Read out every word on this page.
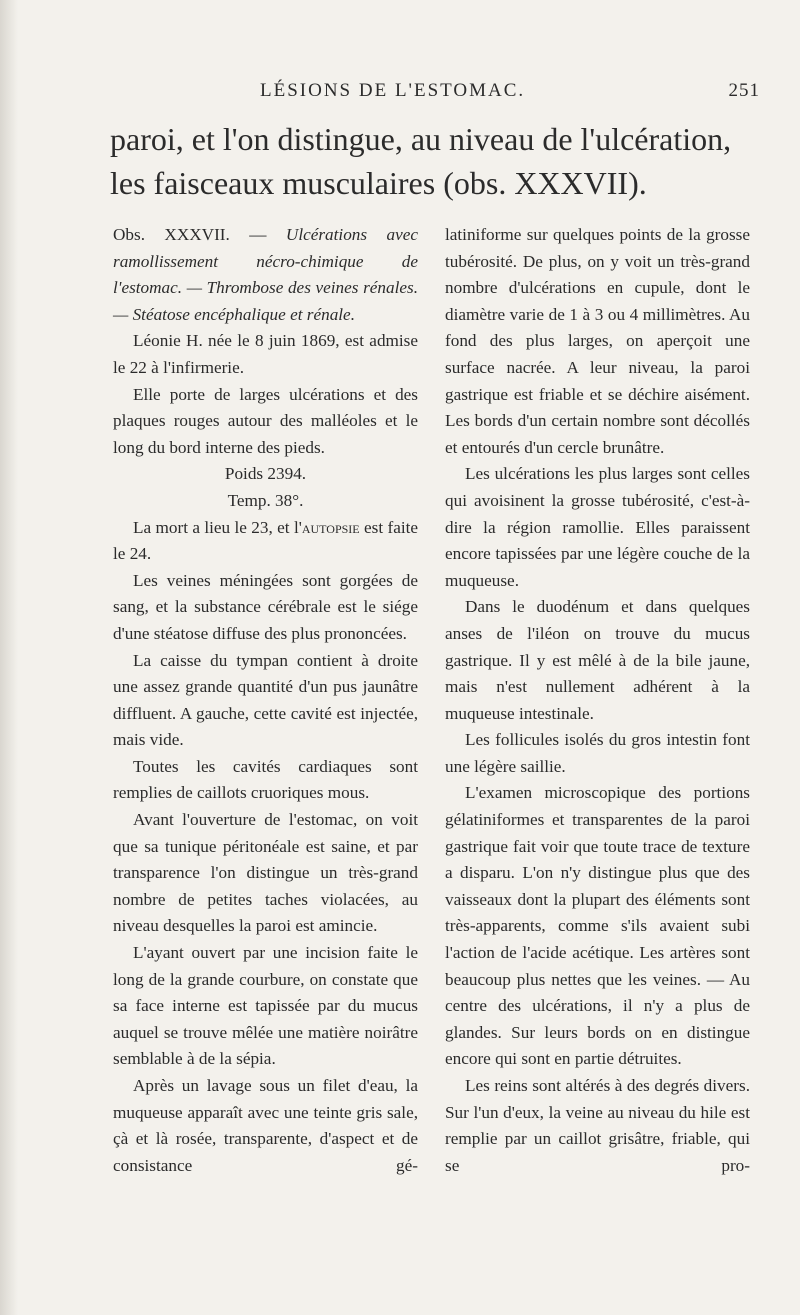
LÉSIONS DE L'ESTOMAC.	251
paroi, et l'on distingue, au niveau de l'ulcération, les faisceaux musculaires (obs. XXXVII).

Obs. XXXVII. — Ulcérations avec ramollissement nécro-chimique de l'estomac. — Thrombose des veines rénales. — Stéatose encéphalique et rénale.

Léonie H. née le 8 juin 1869, est admise le 22 à l'infirmerie.

Elle porte de larges ulcérations et des plaques rouges autour des malléoles et le long du bord interne des pieds.

Poids 2394.

Temp. 38°.

La mort a lieu le 23, et l'autopsie est faite le 24.

Les veines méningées sont gorgées de sang, et la substance cérébrale est le siége d'une stéatose diffuse des plus prononcées.

La caisse du tympan contient à droite une assez grande quantité d'un pus jaunâtre diffluent. A gauche, cette cavité est injectée, mais vide.

Toutes les cavités cardiaques sont remplies de caillots cruoriques mous.

Avant l'ouverture de l'estomac, on voit que sa tunique péritonéale est saine, et par transparence l'on distingue un très-grand nombre de petites taches violacées, au niveau desquelles la paroi est amincie.

L'ayant ouvert par une incision faite le long de la grande courbure, on constate que sa face interne est tapissée par du mucus auquel se trouve mêlée une matière noirâtre semblable à de la sépia.

Après un lavage sous un filet d'eau, la muqueuse apparaît avec une teinte gris sale, çà et là rosée, transparente, d'aspect et de consistance gé-

latiniforme sur quelques points de la grosse tubérosité. De plus, on y voit un très-grand nombre d'ulcérations en cupule, dont le diamètre varie de 1 à 3 ou 4 millimètres. Au fond des plus larges, on aperçoit une surface nacrée. A leur niveau, la paroi gastrique est friable et se déchire aisément. Les bords d'un certain nombre sont décollés et entourés d'un cercle brunâtre.

Les ulcérations les plus larges sont celles qui avoisinent la grosse tubérosité, c'est-à-dire la région ramollie. Elles paraissent encore tapissées par une légère couche de la muqueuse.

Dans le duodénum et dans quelques anses de l'iléon on trouve du mucus gastrique. Il y est mêlé à de la bile jaune, mais n'est nullement adhérent à la muqueuse intestinale.

Les follicules isolés du gros intestin font une légère saillie.

L'examen microscopique des portions gélatiniformes et transparentes de la paroi gastrique fait voir que toute trace de texture a disparu. L'on n'y distingue plus que des vaisseaux dont la plupart des éléments sont très-apparents, comme s'ils avaient subi l'action de l'acide acétique. Les artères sont beaucoup plus nettes que les veines. — Au centre des ulcérations, il n'y a plus de glandes. Sur leurs bords on en distingue encore qui sont en partie détruites.

Les reins sont altérés à des degrés divers. Sur l'un d'eux, la veine au niveau du hile est remplie par un caillot grisâtre, friable, qui se pro-
